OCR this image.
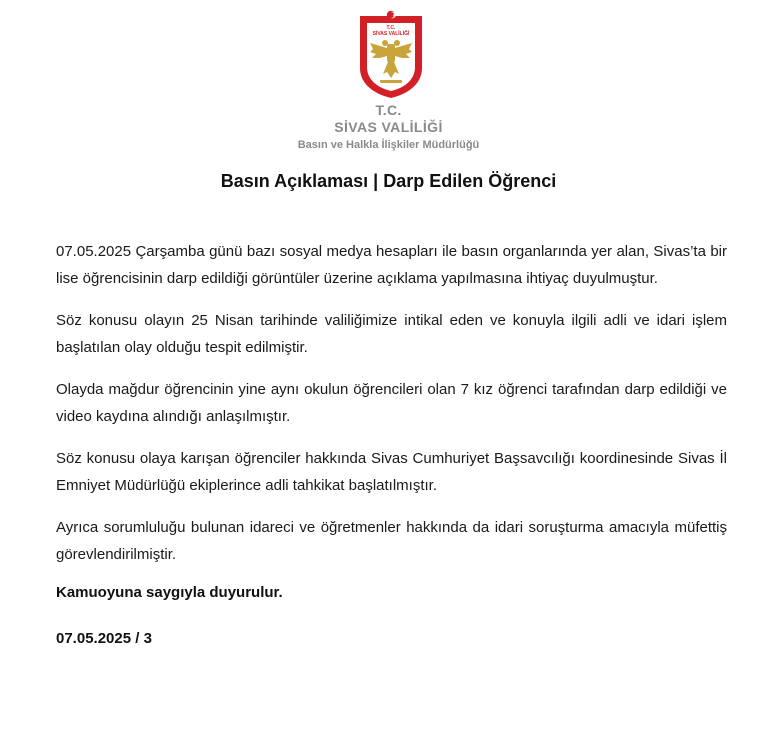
T.C.
SİVAS VALİLİĞİ
T.C.
SİVAS VALİLİĞİ
Basın ve Halkla İlişkiler Müdürlüğü
Basın Açıklaması | Darp Edilen Öğrenci

07.05.2025 Çarşamba günü bazı sosyal medya hesapları ile basın organlarında yer alan, Sivas’ta bir lise öğrencisinin darp edildiği görüntüler üzerine açıklama yapılmasına ihtiyaç duyulmuştur.

Söz konusu olayın 25 Nisan tarihinde valiliğimize intikal eden ve konuyla ilgili adli ve idari işlem başlatılan olay olduğu tespit edilmiştir.

Olayda mağdur öğrencinin yine aynı okulun öğrencileri olan 7 kız öğrenci tarafından darp edildiği ve video kaydına alındığı anlaşılmıştır.

Söz konusu olaya karışan öğrenciler hakkında Sivas Cumhuriyet Başsavcılığı koordinesinde Sivas İl Emniyet Müdürlüğü ekiplerince adli tahkikat başlatılmıştır.

Ayrıca sorumluluğu bulunan idareci ve öğretmenler hakkında da idari soruşturma amacıyla müfettiş görevlendirilmiştir.

Kamuoyuna saygıyla duyurulur.

07.05.2025 / 3
